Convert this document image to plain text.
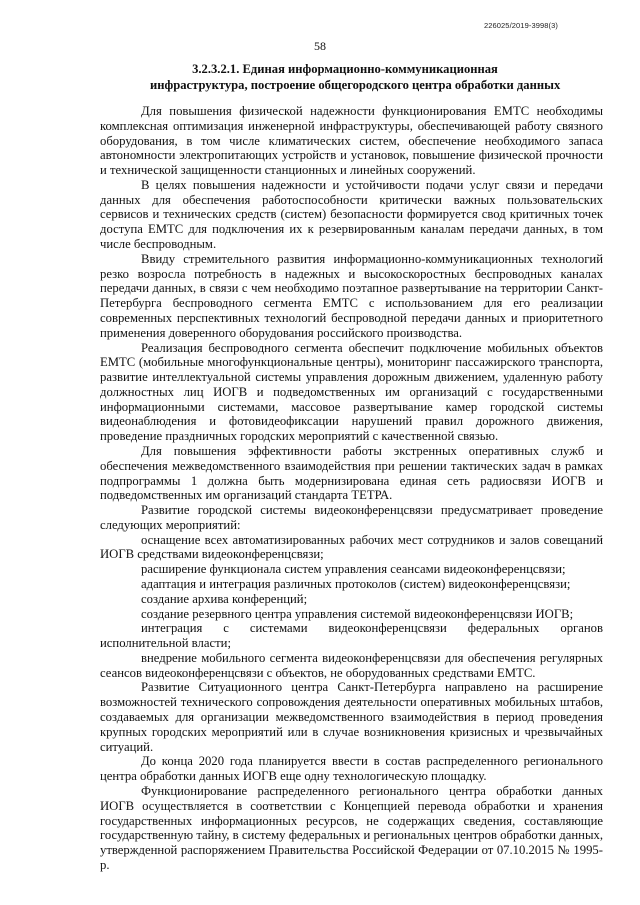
226025/2019-3998(3)
58
3.2.3.2.1. Единая информационно-коммуникационная
инфраструктура, построение общегородского центра обработки данных

Для повышения физической надежности функционирования ЕМТС необходимы комплексная оптимизация инженерной инфраструктуры, обеспечивающей работу связного оборудования, в том числе климатических систем, обеспечение необходимого запаса автономности электропитающих устройств и установок, повышение физической прочности и технической защищенности станционных и линейных сооружений.

В целях повышения надежности и устойчивости подачи услуг связи и передачи данных для обеспечения работоспособности критически важных пользовательских сервисов и технических средств (систем) безопасности формируется свод критичных точек доступа ЕМТС для подключения их к резервированным каналам передачи данных, в том числе беспроводным.

Ввиду стремительного развития информационно-коммуникационных технологий резко возросла потребность в надежных и высокоскоростных беспроводных каналах передачи данных, в связи с чем необходимо поэтапное развертывание на территории Санкт-Петербурга беспроводного сегмента ЕМТС с использованием для его реализации современных перспективных технологий беспроводной передачи данных и приоритетного применения доверенного оборудования российского производства.

Реализация беспроводного сегмента обеспечит подключение мобильных объектов ЕМТС (мобильные многофункциональные центры), мониторинг пассажирского транспорта, развитие интеллектуальной системы управления дорожным движением, удаленную работу должностных лиц ИОГВ и подведомственных им организаций с государственными информационными системами, массовое развертывание камер городской системы видеонаблюдения и фотовидеофиксации нарушений правил дорожного движения, проведение праздничных городских мероприятий с качественной связью.

Для повышения эффективности работы экстренных оперативных служб и обеспечения межведомственного взаимодействия при решении тактических задач в рамках подпрограммы 1 должна быть модернизирована единая сеть радиосвязи ИОГВ и подведомственных им организаций стандарта ТЕТРА.

Развитие городской системы видеоконференцсвязи предусматривает проведение следующих мероприятий:

оснащение всех автоматизированных рабочих мест сотрудников и залов совещаний ИОГВ средствами видеоконференцсвязи;

расширение функционала систем управления сеансами видеоконференцсвязи;

адаптация и интеграция различных протоколов (систем) видеоконференцсвязи;

создание архива конференций;

создание резервного центра управления системой видеоконференцсвязи ИОГВ;

интеграция с системами видеоконференцсвязи федеральных органов исполнительной власти;

внедрение мобильного сегмента видеоконференцсвязи для обеспечения регулярных сеансов видеоконференцсвязи с объектов, не оборудованных средствами ЕМТС.

Развитие Ситуационного центра Санкт-Петербурга направлено на расширение возможностей технического сопровождения деятельности оперативных мобильных штабов, создаваемых для организации межведомственного взаимодействия в период проведения крупных городских мероприятий или в случае возникновения кризисных и чрезвычайных ситуаций.

До конца 2020 года планируется ввести в состав распределенного регионального центра обработки данных ИОГВ еще одну технологическую площадку.

Функционирование распределенного регионального центра обработки данных ИОГВ осуществляется в соответствии с Концепцией перевода обработки и хранения государственных информационных ресурсов, не содержащих сведения, составляющие государственную тайну, в систему федеральных и региональных центров обработки данных, утвержденной распоряжением Правительства Российской Федерации от 07.10.2015 № 1995-р.
